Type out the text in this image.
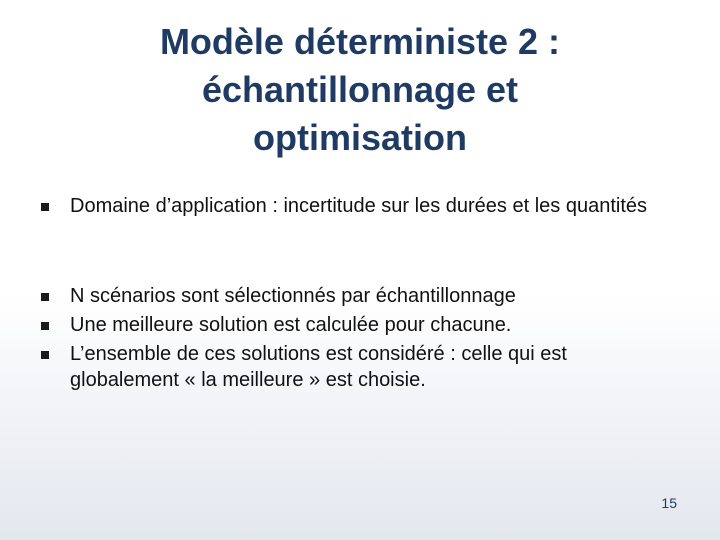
Modèle déterministe 2 :
échantillonnage et
optimisation
Domaine d’application : incertitude sur les durées et les quantités
N scénarios sont sélectionnés par échantillonnage
Une meilleure solution est calculée pour chacune.
L’ensemble de ces solutions est considéré : celle qui est globalement « la meilleure » est choisie.
15
